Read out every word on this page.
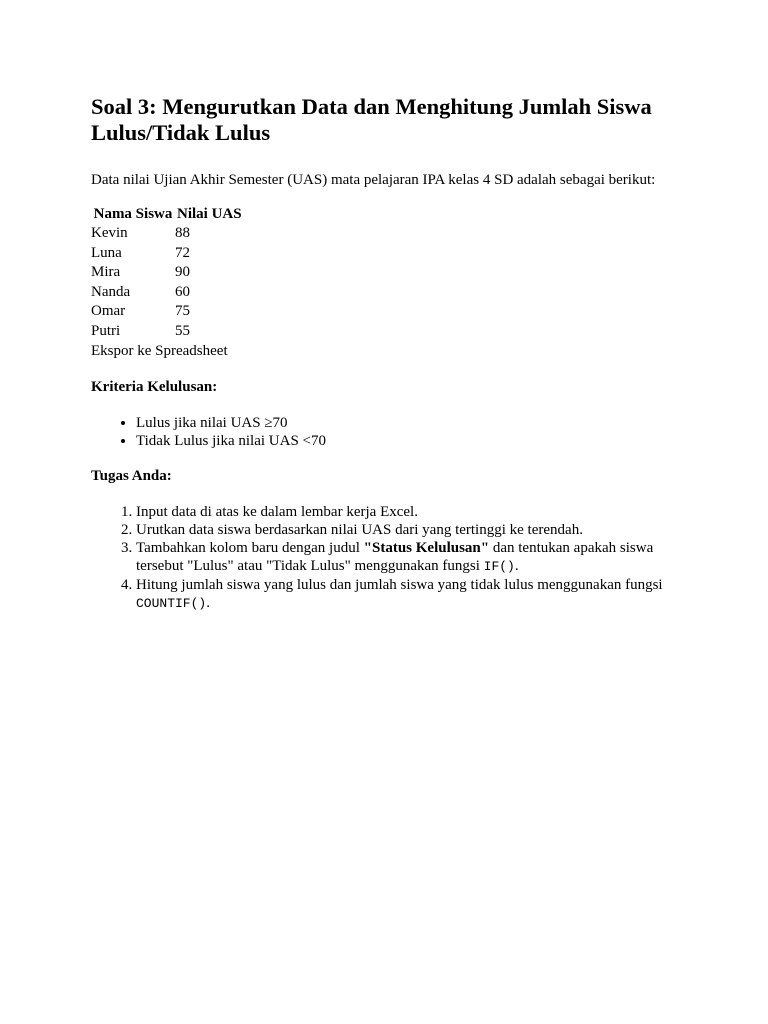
Soal 3: Mengurutkan Data dan Menghitung Jumlah Siswa Lulus/Tidak Lulus

Data nilai Ujian Akhir Semester (UAS) mata pelajaran IPA kelas 4 SD adalah sebagai berikut:

Nama Siswa	Nilai UAS
Kevin	88
Luna	72
Mira	90
Nanda	60
Omar	75
Putri	55
Ekspor ke Spreadsheet
Kriteria Kelulusan:
• Lulus jika nilai UAS ≥70
• Tidak Lulus jika nilai UAS <70
Tugas Anda:
1. Input data di atas ke dalam lembar kerja Excel.
2. Urutkan data siswa berdasarkan nilai UAS dari yang tertinggi ke terendah.
3. Tambahkan kolom baru dengan judul "Status Kelulusan" dan tentukan apakah siswa tersebut "Lulus" atau "Tidak Lulus" menggunakan fungsi IF().
4. Hitung jumlah siswa yang lulus dan jumlah siswa yang tidak lulus menggunakan fungsi COUNTIF().
